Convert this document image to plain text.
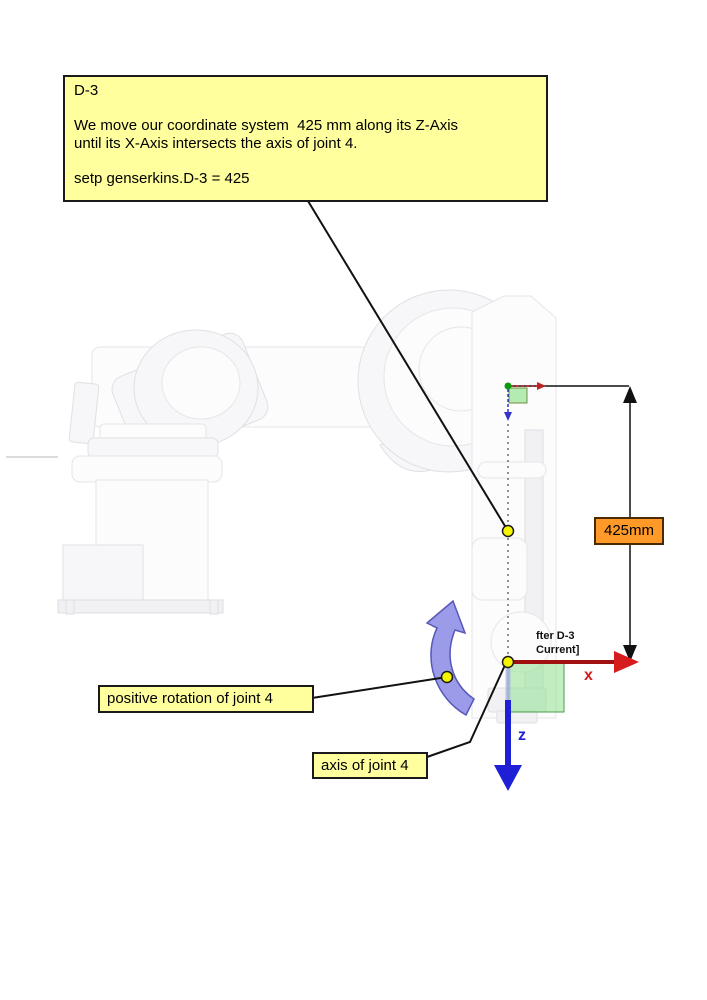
D-3
We move our coordinate system  425 mm along its Z-Axis
until its X-Axis intersects the axis of joint 4.
setp genserkins.D-3 = 425
425mm
positive rotation of joint 4
axis of joint 4
fter D-3
Current]
x
z
